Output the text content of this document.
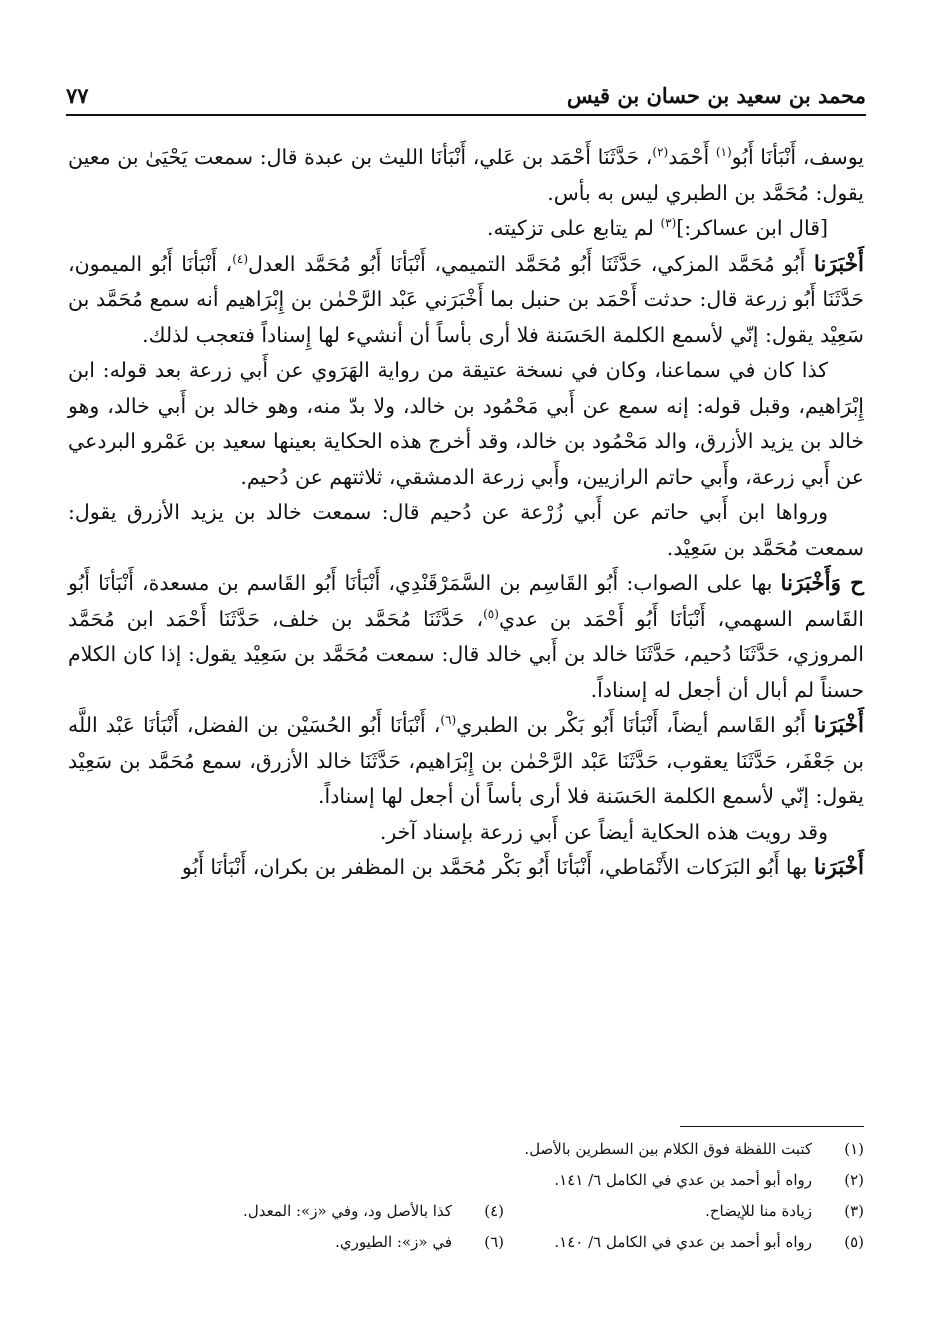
محمد بن سعيد بن حسان بن قيس
٧٧

يوسف، أَنْبَأنَا أَبُو$^{(١)}$ أَحْمَد$^{(٢)}$، حَدَّثَنَا أَحْمَد بن عَلي، أَنْبَأنَا الليث بن عبدة قال: سمعت يَحْيَىٰ بن معين يقول: مُحَمَّد بن الطبري ليس به بأس.

[قال ابن عساكر:]$^{(٣)}$ لم يتابع على تزكيته.

أَخْبَرَنا أَبُو مُحَمَّد المزكي، حَدَّثَنَا أَبُو مُحَمَّد التميمي، أَنْبَأنَا أَبُو مُحَمَّد العدل$^{(٤)}$، أَنْبَأنَا أَبُو الميمون، حَدَّثَنَا أَبُو زرعة قال: حدثت أَحْمَد بن حنبل بما أَخْبَرَني عَبْد الرَّحْمٰن بن إِبْرَاهيم أنه سمع مُحَمَّد بن سَعِيْد يقول: إنّي لأسمع الكلمة الحَسَنة فلا أرى بأساً أن أنشيء لها إِسناداً فتعجب لذلك.

كذا كان في سماعنا، وكان في نسخة عتيقة من رواية الهَرَوي عن أَبي زرعة بعد قوله: ابن إِبْرَاهيم، وقبل قوله: إنه سمع عن أَبي مَحْمُود بن خالد، ولا بدّ منه، وهو خالد بن أَبي خالد، وهو خالد بن يزيد الأزرق، والد مَحْمُود بن خالد، وقد أخرج هذه الحكاية بعينها سعيد بن عَمْرو البردعي عن أَبي زرعة، وأَبي حاتم الرازيين، وأَبي زرعة الدمشقي، ثلاثتهم عن دُحيم.

ورواها ابن أَبي حاتم عن أَبي زُرْعة عن دُحيم قال: سمعت خالد بن يزيد الأزرق يقول: سمعت مُحَمَّد بن سَعِيْد.

ح وَأَخْبَرَنا بها على الصواب: أَبُو القَاسِم بن السَّمَرْقَنْدِي، أَنْبَأنَا أَبُو القَاسم بن مسعدة، أَنْبَأنَا أَبُو القَاسم السهمي، أَنْبَأنَا أَبُو أَحْمَد بن عدي$^{(٥)}$، حَدَّثَنَا مُحَمَّد بن خلف، حَدَّثَنَا أَحْمَد ابن مُحَمَّد المروزي، حَدَّثَنَا دُحيم، حَدَّثَنَا خالد بن أَبي خالد قال: سمعت مُحَمَّد بن سَعِيْد يقول: إذا كان الكلام حسناً لم أبال أن أجعل له إسناداً.

أَخْبَرَنا أَبُو القَاسم أيضاً، أَنْبَأنَا أَبُو بَكْر بن الطبري$^{(٦)}$، أَنْبَأنَا أَبُو الحُسَيْن بن الفضل، أَنْبَأنَا عَبْد اللَّه بن جَعْفَر، حَدَّثَنَا يعقوب، حَدَّثَنَا عَبْد الرَّحْمٰن بن إِبْرَاهيم، حَدَّثَنَا خالد الأزرق، سمع مُحَمَّد بن سَعِيْد يقول: إنّي لأسمع الكلمة الحَسَنة فلا أرى بأساً أن أجعل لها إسناداً.

وقد رويت هذه الحكاية أيضاً عن أَبي زرعة بإسناد آخر.

أَخْبَرَنا بها أَبُو البَرَكات الأَنْمَاطي، أَنْبَأنَا أَبُو بَكْر مُحَمَّد بن المظفر بن بكران، أَنْبَأنَا أَبُو

(١)
كتبت اللفظة فوق الكلام بين السطرين بالأصل.
(٢)
رواه أبو أحمد بن عدي في الكامل ٦/ ١٤١.
(٣)
زيادة منا للإيضاح.
(٤)
كذا بالأصل ود، وفي «ز»: المعدل.
(٥)
رواه أبو أحمد بن عدي في الكامل ٦/ ١٤٠.
(٦)
في «ز»: الطيوري.
